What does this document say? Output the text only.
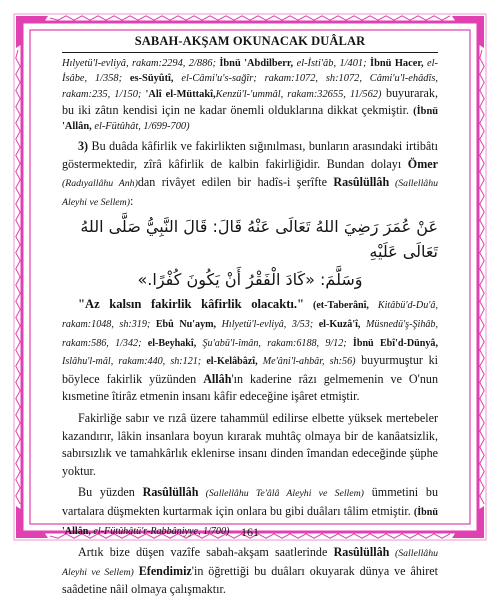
SABAH-AKŞAM OKUNACAK DUÂLAR

Hılyetü'l-evliyâ, rakam:2294, 2/886; İbnü 'Abdilberr, el-İsti'âb, 1/401; İbnü Hacer, el-İsâbe, 1/358; es-Süyûtî, el-Câmi'u's-sağîr; rakam:1072, sh:1072, Câmi'u'l-ehâdîs, rakam:235, 1/150; 'Alî el-Müttakî,Kenzü'l-'ummâl, rakam:32655, 11/562) buyurarak, bu iki zâtın kendisi için ne kadar önemli olduklarına dikkat çekmiştir. (İbnü 'Allân, el-Fütûhât, 1/699-700)

3) Bu duâda kâfirlik ve fakirlikten sığınılması, bunların arasındaki irtibâtı göstermektedir, zîrâ kâfirlik de kalbin fakirliğidir. Bundan dolayı Ömer (Radıyallâhu Anh)dan rivâyet edilen bir hadîs-i şerîfte Rasûlüllâh (Sallellâhu Aleyhi ve Sellem):

عَنْ عُمَرَ رَضِيَ اللهُ تَعَالَى عَنْهُ قَالَ: قَالَ النَّبِيُّ صَلَّى اللهُ تَعَالَى عَلَيْهِ
وَسَلَّمَ: «كَادَ الْفَقْرُ أَنْ يَكُونَ كُفْرًا.»

"Az kalsın fakirlik kâfirlik olacaktı." (et-Taberânî, Kitâbü'd-Du'â, rakam:1048, sh:319; Ebû Nu'aym, Hılyetü'l-evliyâ, 3/53; el-Kuzâ'î, Müsnedü'ş-Şihâb, rakam:586, 1/342; el-Beyhakî, Şu'abü'l-îmân, rakam:6188, 9/12; İbnü Ebî'd-Dünyâ, Islâhu'l-mâl, rakam:440, sh:121; el-Kelâbâzî, Me'âni'l-ahbâr, sh:56) buyurmuştur ki böylece fakirlik yüzünden Allâh'ın kaderine râzı gelmemenin ve O'nun kısmetine îtirâz etmenin insanı kâfir edeceğine işâret etmiştir.

Fakirliğe sabır ve rızâ üzere tahammül edilirse elbette yüksek mertebeler kazandırır, lâkin insanlara boyun kırarak muhtâç olmaya bir de kanâatsizlik, sabırsızlık ve tamahkârlık eklenirse insanı dinden îmandan edeceğinde şüphe yoktur.

Bu yüzden Rasûlüllâh (Sallellâhu Te'âlâ Aleyhi ve Sellem) ümmetini bu vartalara düşmekten kurtarmak için onlara bu gibi duâları tâlim etmiştir. (İbnü 'Allân, el-Fütûhâtü'r-Rabbâniyye, 1/700)

Artık bize düşen vazîfe sabah-akşam saatlerinde Rasûlüllâh (Sallellâhu Aleyhi ve Sellem) Efendimiz'in öğrettiği bu duâları okuyarak dünya ve âhiret saâdetine nâil olmaya çalışmaktır.

161
